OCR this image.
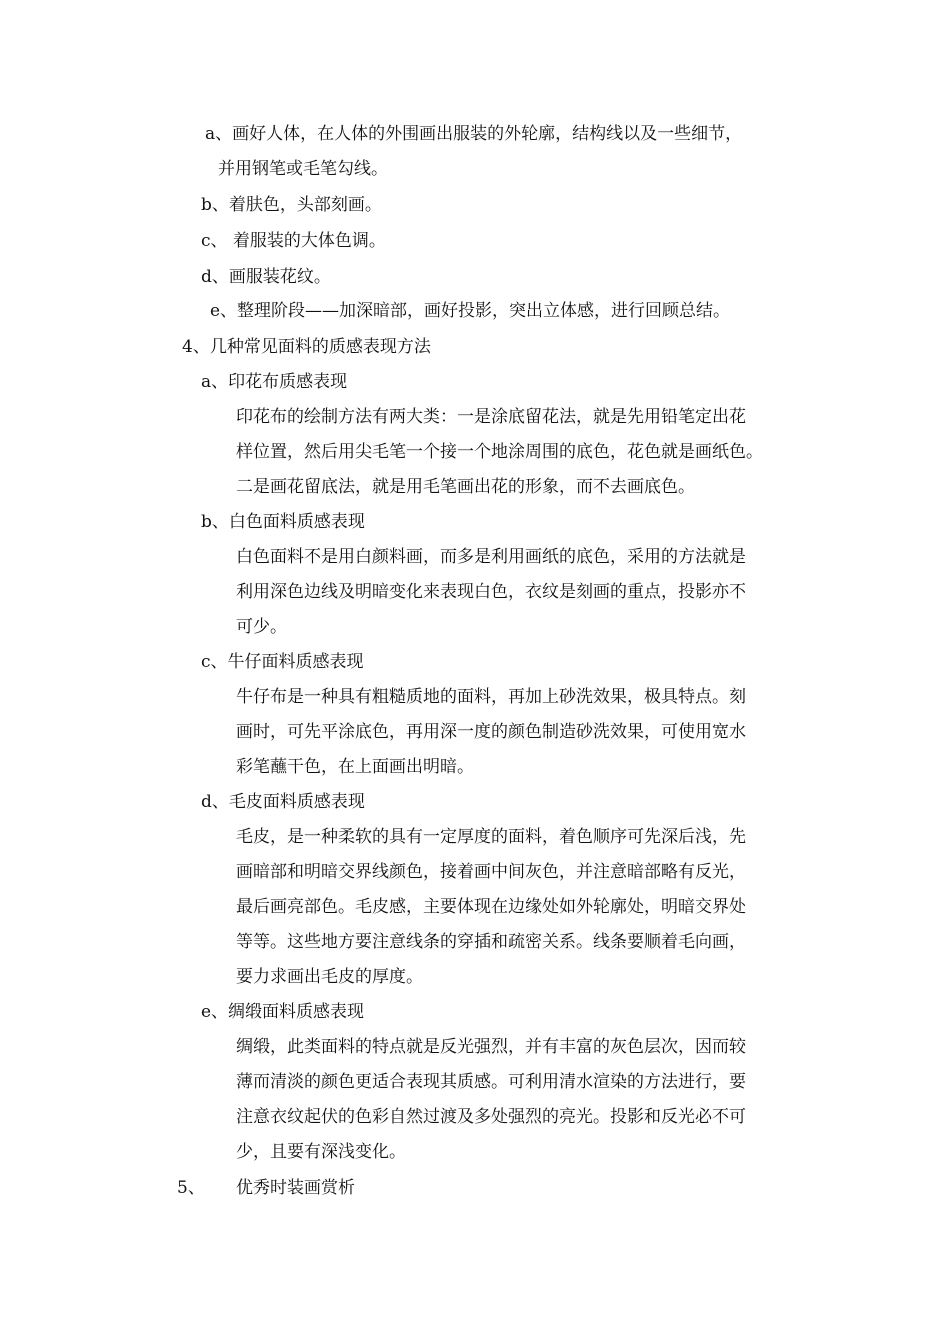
a、画好人体，在人体的外围画出服装的外轮廓，结构线以及一些细节，
并用钢笔或毛笔勾线。
b、着肤色，头部刻画。
c、 着服装的大体色调。
d、画服装花纹。
e、整理阶段——加深暗部，画好投影，突出立体感，进行回顾总结。
4、几种常见面料的质感表现方法
a、印花布质感表现
印花布的绘制方法有两大类：一是涂底留花法，就是先用铅笔定出花
样位置，然后用尖毛笔一个接一个地涂周围的底色，花色就是画纸色。
二是画花留底法，就是用毛笔画出花的形象，而不去画底色。
b、白色面料质感表现
白色面料不是用白颜料画，而多是利用画纸的底色，采用的方法就是
利用深色边线及明暗变化来表现白色，衣纹是刻画的重点，投影亦不
可少。
c、牛仔面料质感表现
牛仔布是一种具有粗糙质地的面料，再加上砂洗效果，极具特点。刻
画时，可先平涂底色，再用深一度的颜色制造砂洗效果，可使用宽水
彩笔蘸干色，在上面画出明暗。
d、毛皮面料质感表现
毛皮，是一种柔软的具有一定厚度的面料，着色顺序可先深后浅，先
画暗部和明暗交界线颜色，接着画中间灰色，并注意暗部略有反光，
最后画亮部色。毛皮感，主要体现在边缘处如外轮廓处，明暗交界处
等等。这些地方要注意线条的穿插和疏密关系。线条要顺着毛向画，
要力求画出毛皮的厚度。
e、绸缎面料质感表现
绸缎，此类面料的特点就是反光强烈，并有丰富的灰色层次，因而较
薄而清淡的颜色更适合表现其质感。可利用清水渲染的方法进行，要
注意衣纹起伏的色彩自然过渡及多处强烈的亮光。投影和反光必不可
少，且要有深浅变化。
5、 优秀时装画赏析
